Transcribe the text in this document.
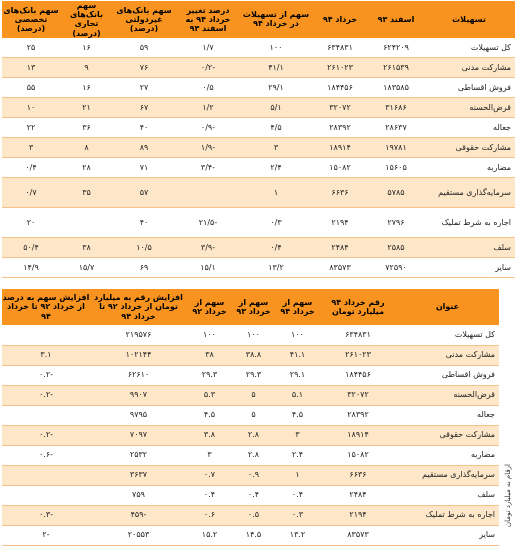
تسهیلات	اسفند ۹۳	خرداد ۹۴	سهم از تسهیلات در خرداد ۹۴	درصد تغییر خرداد ۹۴ به اسفند ۹۳	سهم بانک‌های غیردولتی (درصد)	سهم بانک‌های تجاری (درصد)	سهم بانک‌های تخصصی (درصد)
کل تسهیلات	۶۲۴۲۰۹	۶۳۴۸۳۱	۱۰۰	۱/۷	۵۹	۱۶	۲۵
مشارکت مدنی	۲۶۱۵۳۹	۲۶۱۰۲۳	۴۱/۱	-۰/۲	۷۶	۹	۱۳
فروش اقساطی	۱۸۳۵۸۵	۱۸۴۴۵۶	۲۹/۱	۰/۵	۲۷	۱۶	۵۵
قرض‌الحسنه	۳۱۶۸۶	۳۲۰۷۲	۵/۱	۱/۲	۶۷	۲۱	۱۰
جعاله	۲۸۶۳۷	۲۸۳۹۲	۴/۵	-۰/۹	۴۰	۳۶	۲۲
مشارکت حقوقی	۱۹۷۸۱	۱۸۹۱۴	۳	-۱/۹	۸۹	۸	۳
مضاربه	۱۵۶۰۵	۱۵۰۸۲	۲/۴	-۳/۴	۷۱	۲۸	۰/۴
سرمایه‌گذاری مستقیم	۵۷۸۵	۶۶۳۶	۱		۵۷	۳۵	۰/۷
اجاره به شرط تملیک	۲۷۹۶	۲۱۹۴	۰/۳	-۲۱/۵	۴۰		۲۰
سلف	۲۵۸۵	۲۴۸۴	۰/۴	-۳/۹	۱۰/۵	۳۸	۵۰/۴
سایر	۷۲۵۹۰	۸۳۵۷۳	۱۳/۲	۱۵/۱	۶۹	۱۵/۷	۱۴/۹
عنوان	رقم خرداد ۹۴ میلیارد تومان	سهم از خرداد ۹۴	سهم از خرداد ۹۳	سهم از خرداد ۹۲	افزایش رقم به میلیارد تومان از خرداد ۹۲ تا خرداد ۹۴	افزایش سهم به درصد از خرداد ۹۲ تا خرداد ۹۴
کل تسهیلات	۶۳۴۸۳۱	۱۰۰	۱۰۰	۱۰۰	۲۱۹۵۷۶	
مشارکت مدنی	۲۶۱۰۲۳	۴۱.۱	۳۸.۸	۳۸	۱۰۲۱۴۴	۳.۱
فروش اقساطی	۱۸۴۴۵۶	۲۹.۱	۲۹.۳	۲۹.۳	۶۲۶۱۰	-۰.۲
قرض‌الحسنه	۳۲۰۷۲	۵.۱	۵	۵.۳	۹۹۰۷	-۰.۲
جعاله	۲۸۳۹۲	۴.۵	۵	۴.۵	۹۷۹۵	
مشارکت حقوقی	۱۸۹۱۴	۳	۲.۸	۳.۸	۷۰۹۷	-۰.۲
مضاربه	۱۵۰۸۲	۲.۴	۲.۸	۳	۲۵۳۲	-۰.۶
سرمایه‌گذاری مستقیم	۶۶۳۶	۱	۰.۹	۰.۷	۳۶۳۷	
سلف	۲۴۸۴	۰.۴	۰.۴	۰.۴	۷۵۹	
اجاره به شرط تملیک	۲۱۹۴	۰.۳	۰.۵	۰.۶	-۴۵۹	-۰.۳
سایر	۸۳۵۷۳	۱۳.۲	۱۴.۵	۱۵.۲	۲۰۵۵۳	-۲
ارقام به میلیارد تومان
